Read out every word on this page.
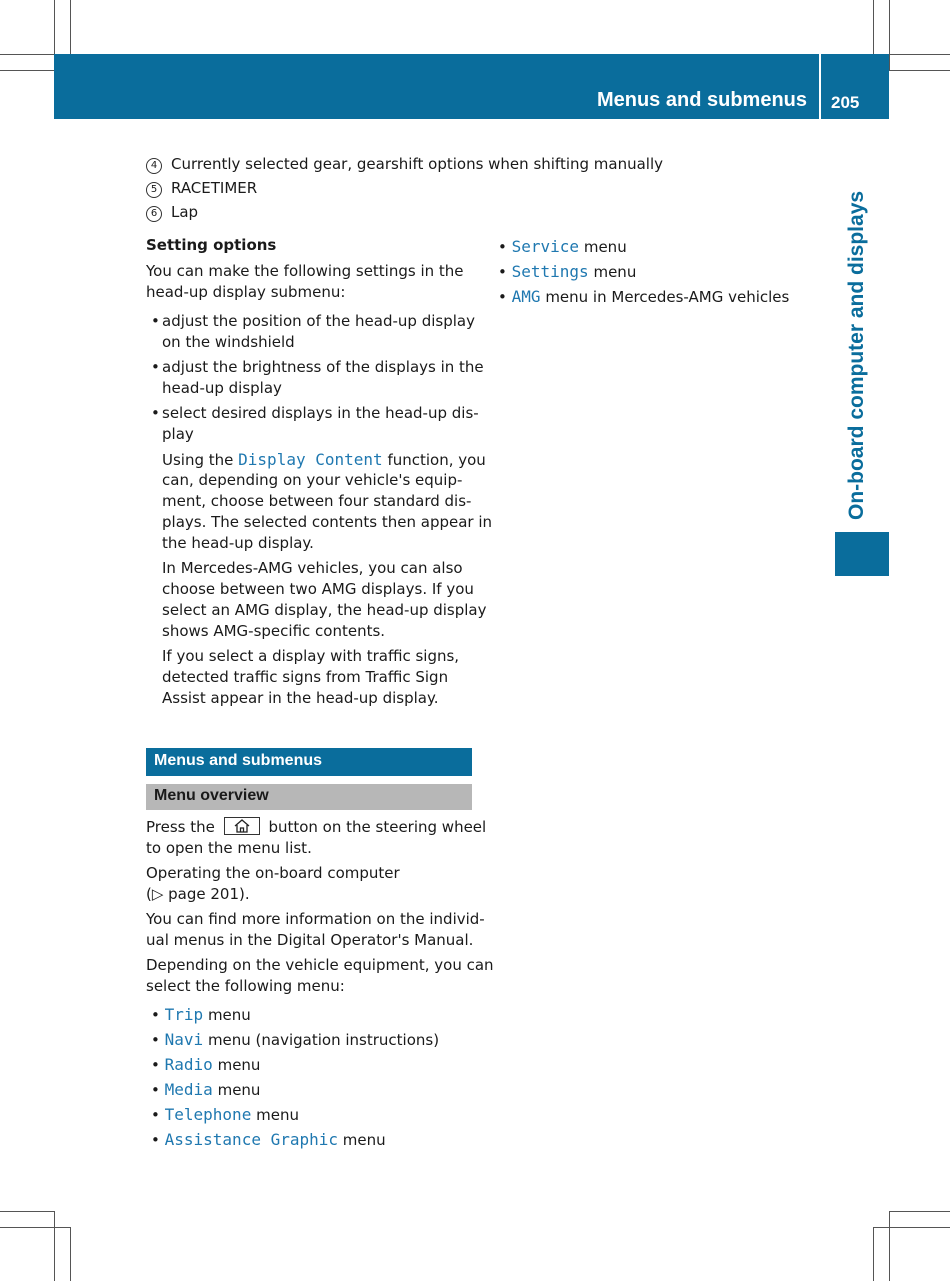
Menus and submenus 205
On-board computer and displays
4 Currently selected gear, gearshift options when shifting manually
5 RACETIMER
6 Lap
Setting options
You can make the following settings in the
head-up display submenu:
• adjust the position of the head-up display
on the windshield
• adjust the brightness of the displays in the
head-up display
• select desired displays in the head-up dis-
play
Using the Display Content function, you
can, depending on your vehicle's equip-
ment, choose between four standard dis-
plays. The selected contents then appear in
the head-up display.
In Mercedes-AMG vehicles, you can also
choose between two AMG displays. If you
select an AMG display, the head-up display
shows AMG-specific contents.
If you select a display with traffic signs,
detected traffic signs from Traffic Sign
Assist appear in the head-up display.
Menus and submenus
Menu overview
Press the	button on the steering wheel
to open the menu list.
Operating the on-board computer
(▷ page 201).
You can find more information on the individ-
ual menus in the Digital Operator's Manual.
Depending on the vehicle equipment, you can
select the following menu:
• Trip menu
• Navi menu (navigation instructions)
• Radio menu
• Media menu
• Telephone menu
• Assistance Graphic menu
• Service menu
• Settings menu
• AMG menu in Mercedes-AMG vehicles
